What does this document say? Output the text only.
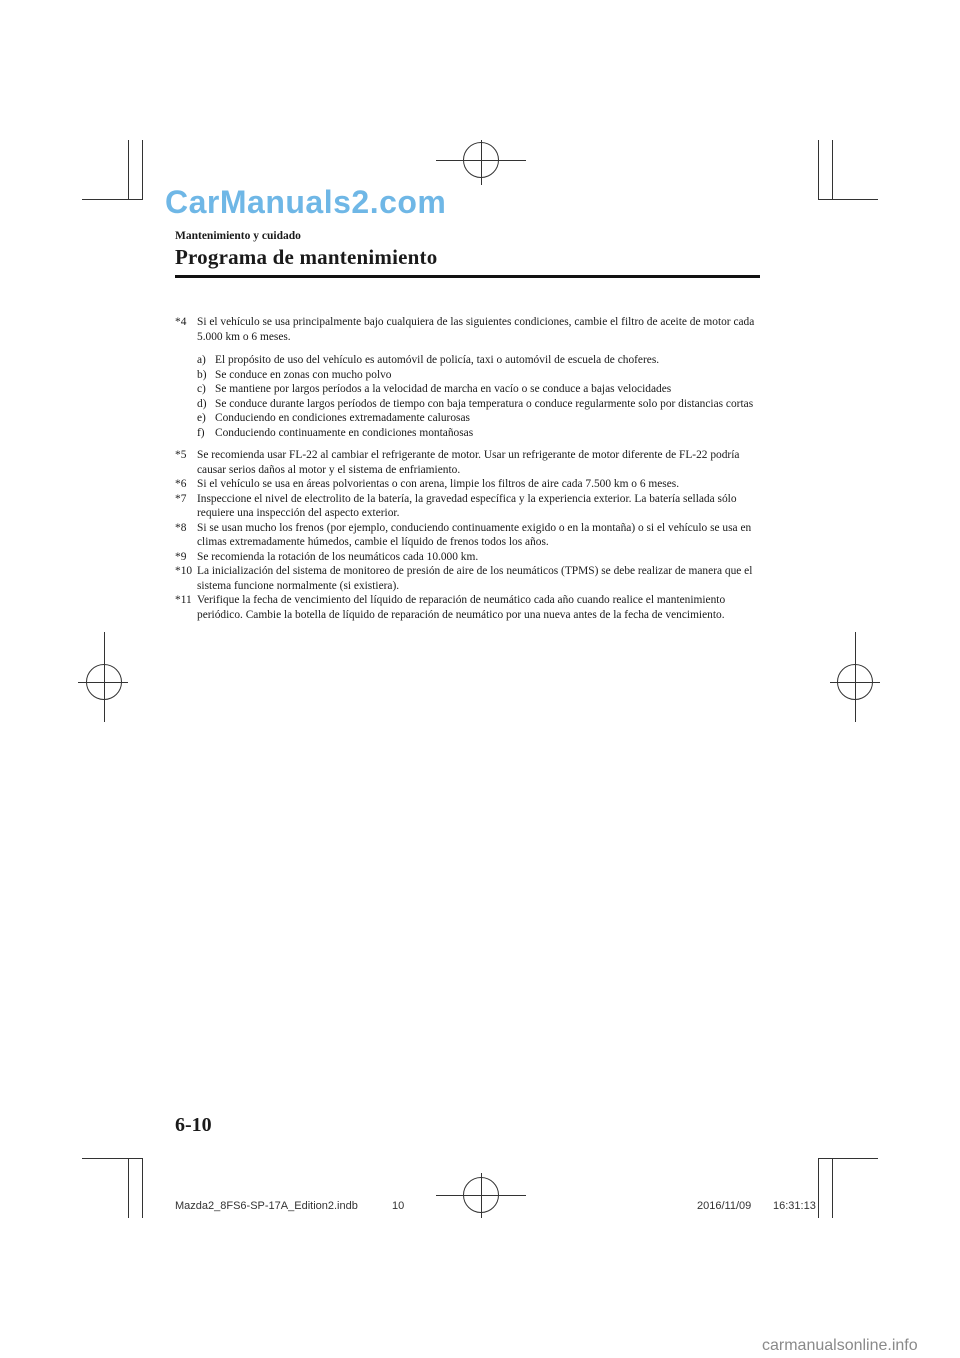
CarManuals2.com
Mantenimiento y cuidado
Programa de mantenimiento
*4 Si el vehículo se usa principalmente bajo cualquiera de las siguientes condiciones, cambie el filtro de aceite de motor cada 5.000 km o 6 meses.
a) El propósito de uso del vehículo es automóvil de policía, taxi o automóvil de escuela de choferes.
b) Se conduce en zonas con mucho polvo
c) Se mantiene por largos períodos a la velocidad de marcha en vacío o se conduce a bajas velocidades
d) Se conduce durante largos períodos de tiempo con baja temperatura o conduce regularmente solo por distancias cortas
e) Conduciendo en condiciones extremadamente calurosas
f) Conduciendo continuamente en condiciones montañosas
*5 Se recomienda usar FL-22 al cambiar el refrigerante de motor. Usar un refrigerante de motor diferente de FL-22 podría causar serios daños al motor y el sistema de enfriamiento.
*6 Si el vehículo se usa en áreas polvorientas o con arena, limpie los filtros de aire cada 7.500 km o 6 meses.
*7 Inspeccione el nivel de electrolito de la batería, la gravedad específica y la experiencia exterior. La batería sellada sólo requiere una inspección del aspecto exterior.
*8 Si se usan mucho los frenos (por ejemplo, conduciendo continuamente exigido o en la montaña) o si el vehículo se usa en climas extremadamente húmedos, cambie el líquido de frenos todos los años.
*9 Se recomienda la rotación de los neumáticos cada 10.000 km.
*10 La inicialización del sistema de monitoreo de presión de aire de los neumáticos (TPMS) se debe realizar de manera que el sistema funcione normalmente (si existiera).
*11 Verifique la fecha de vencimiento del líquido de reparación de neumático cada año cuando realice el mantenimiento periódico. Cambie la botella de líquido de reparación de neumático por una nueva antes de la fecha de vencimiento.
6-10
Mazda2_8FS6-SP-17A_Edition2.indb	10	2016/11/09 16:31:13
carmanualsonline.info
